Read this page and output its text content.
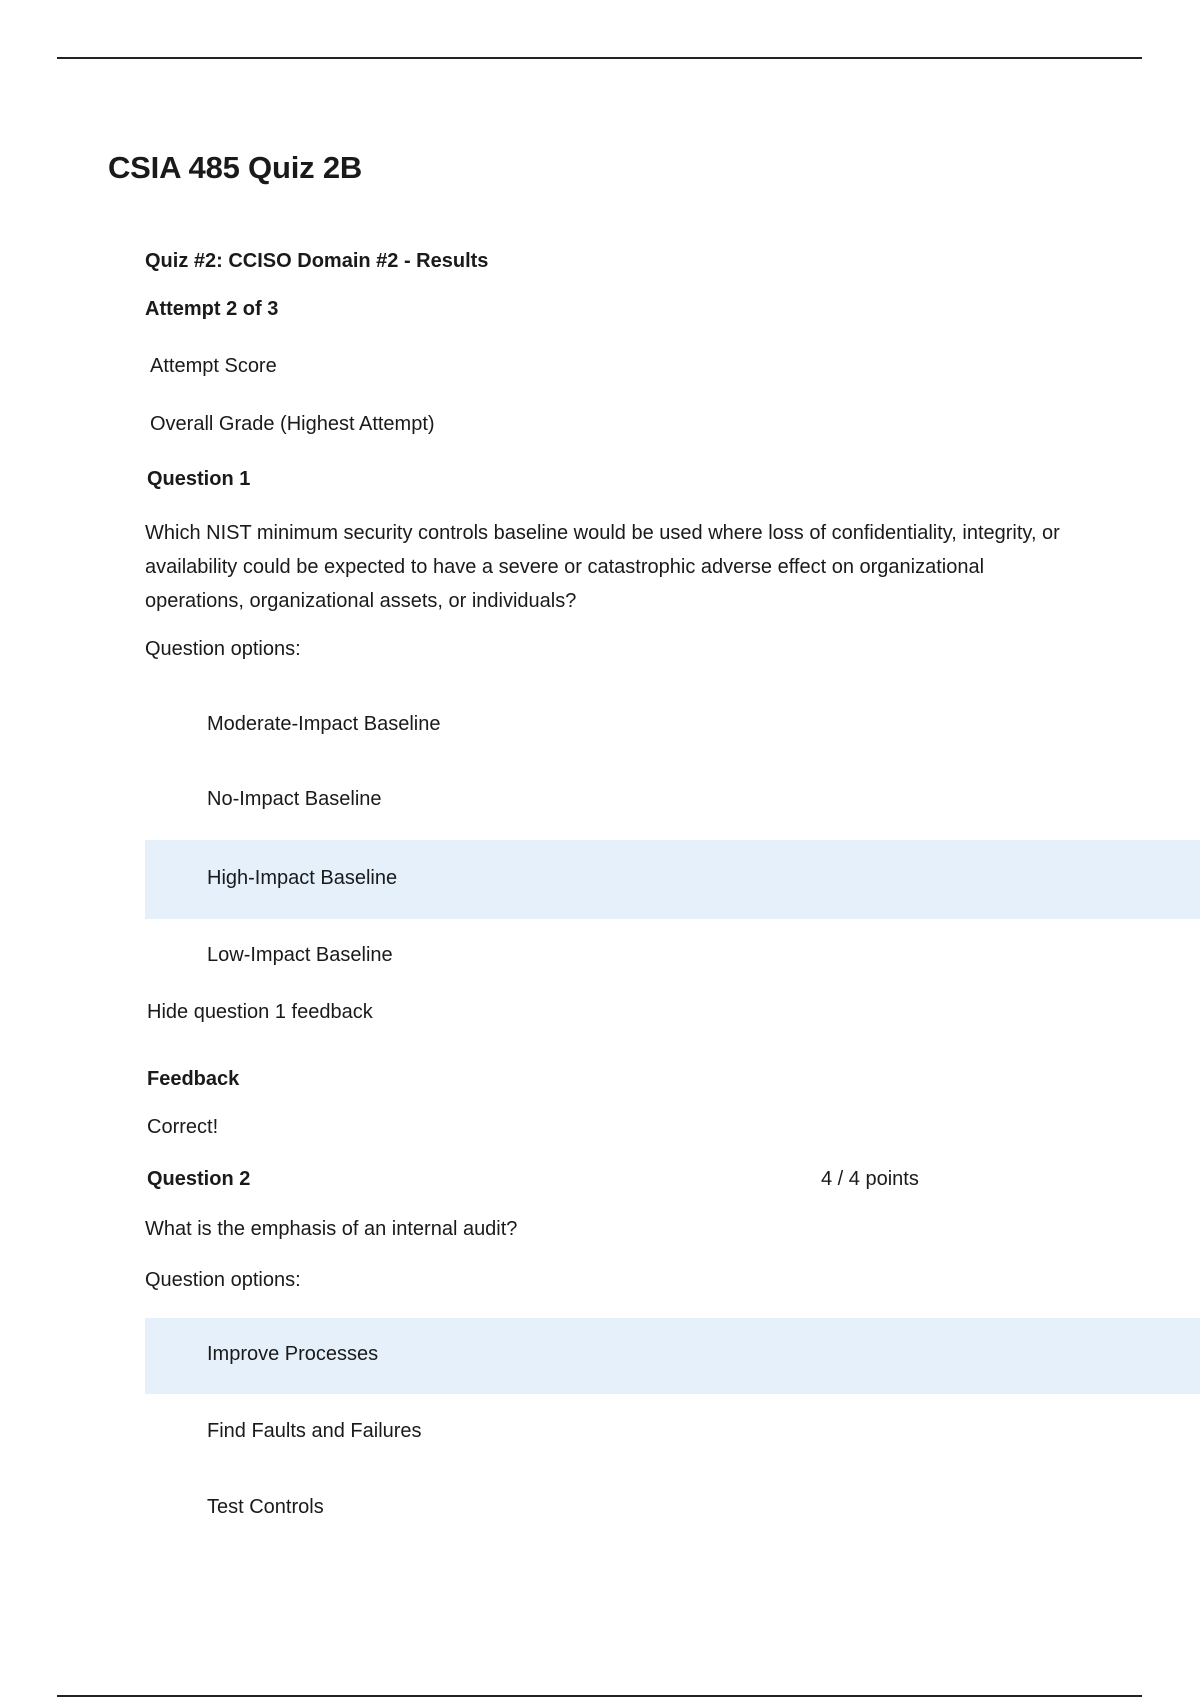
CSIA 485 Quiz 2B
Quiz #2: CCISO Domain #2 - Results
Attempt 2 of 3
Attempt Score
Overall Grade (Highest Attempt)
Question 1
Which NIST minimum security controls baseline would be used where loss of confidentiality, integrity, or availability could be expected to have a severe or catastrophic adverse effect on organizational operations, organizational assets, or individuals?
Question options:
Moderate-Impact Baseline
No-Impact Baseline
High-Impact Baseline
Low-Impact Baseline
Hide question 1 feedback
Feedback
Correct!
Question 2	4 / 4 points
What is the emphasis of an internal audit?
Question options:
Improve Processes
Find Faults and Failures
Test Controls
